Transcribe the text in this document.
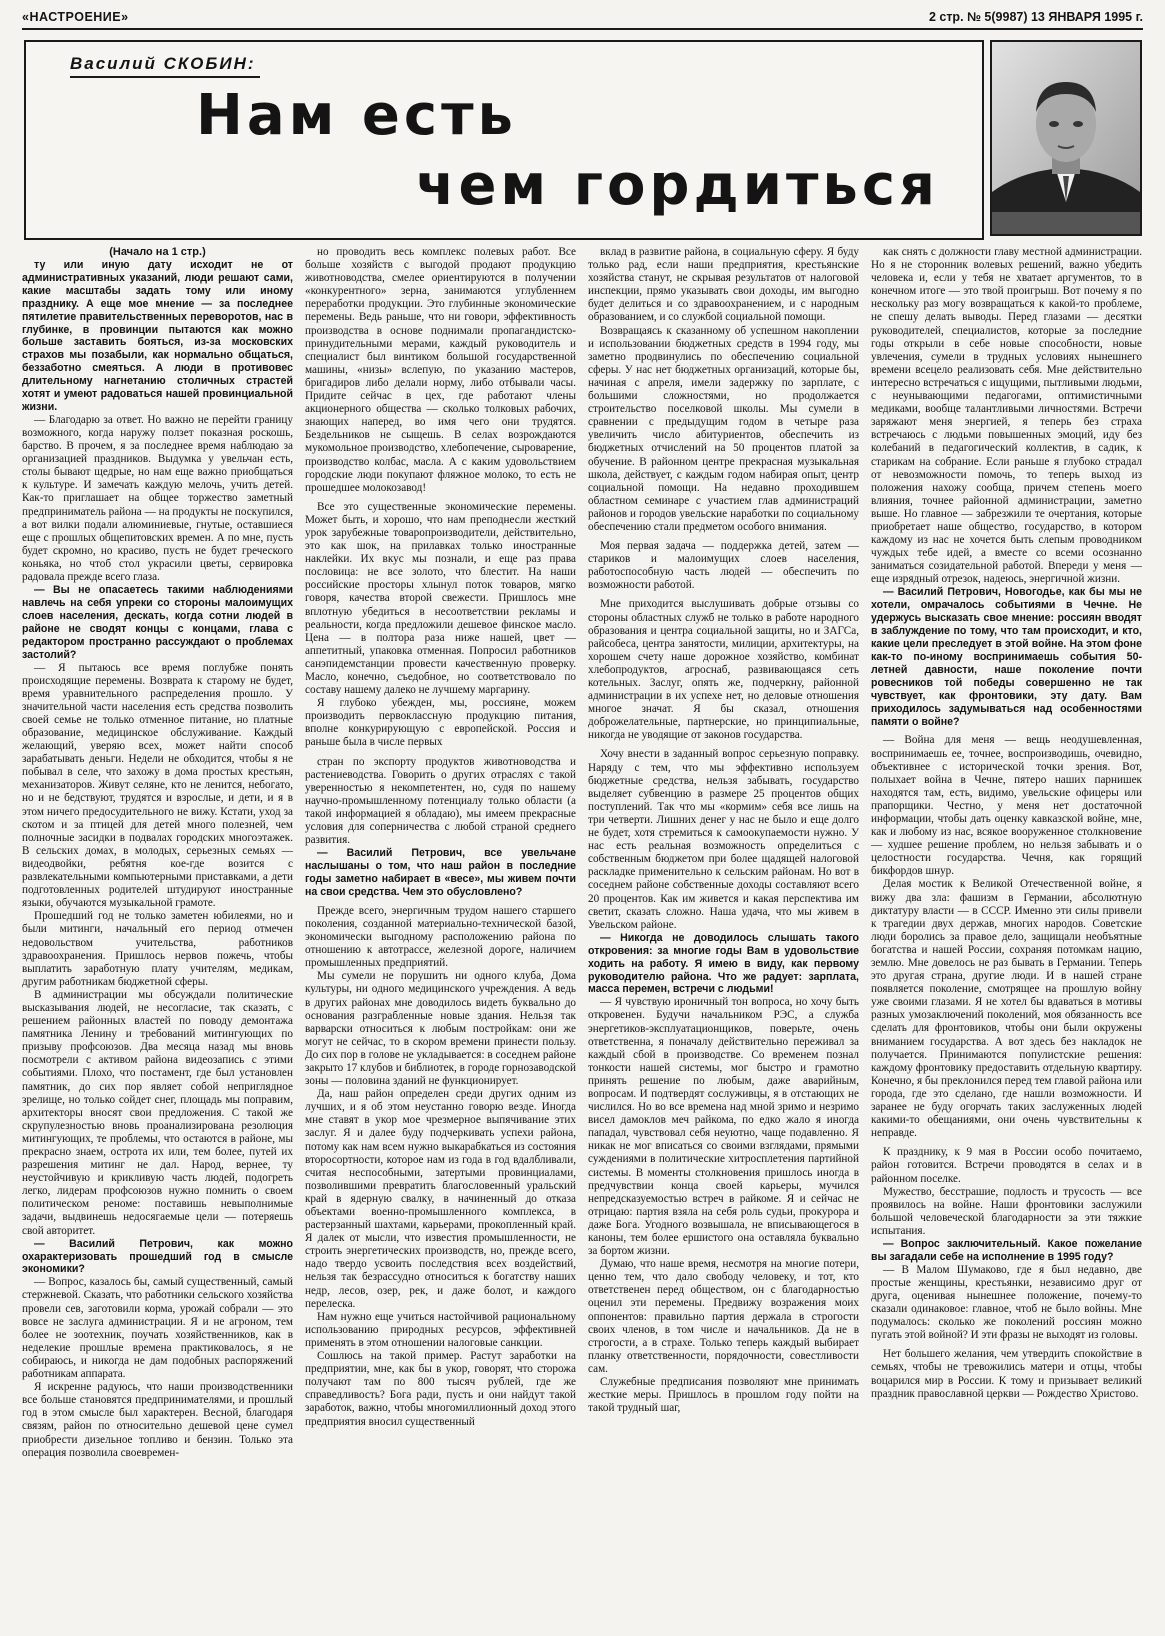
«НАСТРОЕНИЕ»	2 стр. № 5(9987) 13 ЯНВАРЯ 1995 г.
Василий СКОБИН:
Нам есть
чем гордиться
(Начало на 1 стр.)

ту или иную дату исходит не от административных указаний, люди решают сами, какие масштабы задать тому или иному празднику. А еще мое мнение — за последнее пятилетие правительственных переворотов, нас в глубинке, в провинции пытаются как можно больше заставить бояться, из-за московских страхов мы позабыли, как нормально общаться, беззаботно смеяться. А люди в противовес длительному нагнетанию столичных страстей хотят и умеют радоваться нашей провинциальной жизни.

— Благодарю за ответ. Но важно не перейти границу возможного, когда наружу ползет показная роскошь, барство. В прочем, я за последнее время наблюдаю за организацией праздников. Выдумка у увельчан есть, столы бывают щедрые, но нам еще важно приобщаться к культуре. И замечать каждую мелочь, учить детей. Как-то приглашает на общее торжество заметный предприниматель района — на продукты не поскупился, а вот вилки подали алюминиевые, гнутые, оставшиеся еще с прошлых общепитовских времен. А по мне, пусть будет скромно, но красиво, пусть не будет греческого коньяка, но чтоб стол украсили цветы, сервировка радовала прежде всего глаза.

— Вы не опасаетесь такими наблюдениями навлечь на себя упреки со стороны малоимущих слоев населения, дескать, когда сотни людей в районе не сводят концы с концами, глава с редактором пространно рассуждают о проблемах застолий?

— Я пытаюсь все время поглубже понять происходящие перемены. Возврата к старому не будет, время уравнительного распределения прошло. У значительной части населения есть средства позволить своей семье не только отменное питание, но платные образование, медицинское обслуживание. Каждый желающий, уверяю всех, может найти способ зарабатывать деньги. Недели не обходится, чтобы я не побывал в селе, что захожу в дома простых крестьян, механизаторов. Живут селяне, кто не ленится, небогато, но и не бедствуют, трудятся и взрослые, и дети, и я в этом ничего предосудительного не вижу. Кстати, уход за скотом и за птицей для детей много полезней, чем полночные засидки в подвалах городских многоэтажек. В сельских домах, в молодых, серьезных семьях — видеодвойки, ребятня кое-где возится с развлекательными компьютерными приставками, а дети подготовленных родителей штудируют иностранные языки, обучаются музыкальной грамоте.

Прошедший год не только заметен юбилеями, но и были митинги, начальный его период отмечен недовольством учительства, работников здравоохранения. Пришлось нервов пожечь, чтобы выплатить заработную плату учителям, медикам, другим работникам бюджетной сферы.

В администрации мы обсуждали политические высказывания людей, не несогласие, так сказать, с решением районных властей по поводу демонтажа памятника Ленину и требований митингующих по призыву профсоюзов. Два месяца назад мы вновь посмотрели с активом района видеозапись с этими событиями. Плохо, что постамент, где был установлен памятник, до сих пор являет собой неприглядное зрелище, но только сойдет снег, площадь мы поправим, архитекторы вносят свои предложения. С такой же скрупулезностью вновь проанализирована резолюция митингующих, те проблемы, что остаются в районе, мы прекрасно знаем, острота их или, тем более, путей их разрешения митинг не дал. Народ, вернее, ту неустойчивую и крикливую часть людей, подогреть легко, лидерам профсоюзов нужно помнить о своем политическом реноме: поставишь невыполнимые задачи, выдвинешь недосягаемые цели — потеряешь свой авторитет.

— Василий Петрович, как можно охарактеризовать прошедший год в смысле экономики?

— Вопрос, казалось бы, самый существенный, самый стержневой. Сказать, что работники сельского хозяйства провели сев, заготовили корма, урожай собрали — это вовсе не заслуга администрации. Я и не агроном, тем более не зоотехник, поучать хозяйственников, как в неделекие прошлые времена практиковалось, я не собираюсь, и никогда не дам подобных распоряжений работникам аппарата.

Я искренне радуюсь, что наши производственники все больше становятся предпринимателями, и прошлый год в этом смысле был характерен. Весной, благодаря связям, район по относительно дешевой цене сумел приобрести дизельное топливо и бензин. Только эта операция позволила своевремен-

но проводить весь комплекс полевых работ. Все больше хозяйств с выгодой продают продукцию животноводства, смелее ориентируются в получении «конкурентного» зерна, занимаются углубленнем переработки продукции. Это глубинные экономические перемены. Ведь раньше, что ни говори, эффективность производства в основе поднимали пропагандистско-принудительными мерами, каждый руководитель и специалист был винтиком большой государственной машины, «низы» вслепую, по указанию мастеров, бригадиров либо делали норму, либо отбывали часы. Придите сейчас в цех, где работают члены акционерного общества — сколько толковых рабочих, знающих наперед, во имя чего они трудятся. Бездельников не сыщешь. В селах возрождаются мукомольное производство, хлебопечение, сыроварение, производство колбас, масла. А с каким удовольствием городские люди покупают фляжное молоко, то есть не прошедшее молокозавод!

Все это существенные экономические перемены. Может быть, и хорошо, что нам преподнесли жесткий урок зарубежные товаропроизводители, действительно, это как шок, на прилавках только иностранные наклейки. Их вкус мы познали, и еще раз права пословица: не все золото, что блестит. На наши российские просторы хлынул поток товаров, мягко говоря, качества второй свежести. Пришлось мне вплотную убедиться в несоответствии рекламы и реальности, когда предложили дешевое финское масло. Цена — в полтора раза ниже нашей, цвет — аппетитный, упаковка отменная. Попросил работников санэпидемстанции провести качественную проверку. Масло, конечно, съедобное, но соответствовало по составу нашему далеко не лучшему маргарину.

Я глубоко убежден, мы, россияне, можем производить первоклассную продукцию питания, вполне конкурирующую с европейской. Россия и раньше была в числе первых

стран по экспорту продуктов животноводства и растениеводства. Говорить о других отраслях с такой уверенностью я некомпетентен, но, судя по нашему научно-промышленному потенциалу только области (а такой информацией я обладаю), мы имеем прекрасные условия для соперничества с любой страной среднего развития.

— Василий Петрович, все увельчане наслышаны о том, что наш район в последние годы заметно набирает в «весе», мы живем почти на свои средства. Чем это обусловлено?

Прежде всего, энергичным трудом нашего старшего поколения, созданной материально-технической базой, экономически выгодному расположению района по отношению к автотрассе, железной дороге, наличием промышленных предприятий.

Мы сумели не порушить ни одного клуба, Дома культуры, ни одного медицинского учреждения. А ведь в других районах мне доводилось видеть буквально до основания разграбленные новые здания. Нельзя так варварски относиться к любым постройкам: они же могут не сейчас, то в скором времени принести пользу. До сих пор в голове не укладывается: в соседнем районе закрыто 17 клубов и библиотек, в городе горнозаводской зоны — половина зданий не функционирует.

Да, наш район определен среди других одним из лучших, и я об этом неустанно говорю везде. Иногда мне ставят в укор мое чрезмерное выпячивание этих заслуг. Я и далее буду подчеркивать успехи района, потому как нам всем нужно выкарабкаться из состояния второсортности, которое нам из года в год вдалбливали, считая неспособными, затертыми провинциалами, позволившими превратить благословенный уральский край в ядерную свалку, в начиненный до отказа объектами военно-промышленного комплекса, в растерзанный шахтами, карьерами, прокопленный край. Я далек от мысли, что известия промышленности, не строить энергетических производств, но, прежде всего, надо твердо усвоить последствия всех воздействий, нельзя так безрассудно относиться к богатству наших недр, лесов, озер, рек, и даже болот, и каждого перелеска.

Нам нужно еще учиться настойчивой рациональному использованию природных ресурсов, эффективней применять в этом отношении налоговые санкции.

Сошлюсь на такой пример. Растут заработки на предприятии, мне, как бы в укор, говорят, что сторожа получают там по 800 тысяч рублей, где же справедливость? Бога ради, пусть и они найдут такой заработок, важно, чтобы многомиллионный доход этого предприятия вносил существенный

вклад в развитие района, в социальную сферу. Я буду только рад, если наши предприятия, крестьянские хозяйства станут, не скрывая результатов от налоговой инспекции, прямо указывать свои доходы, им выгодно будет делиться и со здравоохранением, и с народным образованием, и со службой социальной помощи.

Возвращаясь к сказанному об успешном накоплении и использовании бюджетных средств в 1994 году, мы заметно продвинулись по обеспечению социальной сферы. У нас нет бюджетных организаций, которые бы, начиная с апреля, имели задержку по зарплате, с большими сложностями, но продолжается строительство поселковой школы. Мы сумели в сравнении с предыдущим годом в четыре раза увеличить число абитуриентов, обеспечить из бюджетных отчислений на 50 процентов платой за обучение. В районном центре прекрасная музыкальная школа, действует, с каждым годом набирая опыт, центр социальной помощи. На недавно проходившем областном семинаре с участием глав администраций районов и городов увельские наработки по социальному обеспечению стали предметом особого внимания.

Моя первая задача — поддержка детей, затем — стариков и малоимущих слоев населения, работоспособную часть людей — обеспечить по возможности работой.

Мне приходится выслушивать добрые отзывы со стороны областных служб не только в работе народного образования и центра социальной защиты, но и ЗАГСа, райсобеса, центра занятости, милиции, архитектуры, на хорошем счету наше дорожное хозяйство, комбинат хлебопродуктов, агроснаб, развивающаяся сеть котельных. Заслуг, опять же, подчеркну, районной администрации в их успехе нет, но деловые отношения многое значат. Я бы сказал, отношения доброжелательные, партнерские, но принципиальные, никогда не уводящие от законов государства.

Хочу внести в заданный вопрос серьезную поправку. Наряду с тем, что мы эффективно используем бюджетные средства, нельзя забывать, государство выделяет субвенцию в размере 25 процентов общих поступлений. Так что мы «кормим» себя все лишь на три четверти. Лишних денег у нас не было и еще долго не будет, хотя стремиться к самоокупаемости нужно. У нас есть реальная возможность определиться с собственным бюджетом при более щадящей налоговой раскладке применительно к сельским районам. Но вот в соседнем районе собственные доходы составляют всего 20 процентов. Как им живется и какая перспектива им светит, сказать сложно. Наша удача, что мы живем в Увельском районе.

— Никогда не доводилось слышать такого откровения: за многие годы Вам в удовольствие ходить на работу. Я имею в виду, как первому руководителю района. Что же радует: зарплата, масса перемен, встречи с людьми!

— Я чувствую ироничный тон вопроса, но хочу быть откровенен. Будучи начальником РЭС, а служба энергетиков-эксплуатационщиков, поверьте, очень ответственна, я поначалу действительно переживал за каждый сбой в производстве. Со временем познал тонкости нашей системы, мог быстро и грамотно принять решение по любым, даже аварийным, вопросам. И подтвердят сослуживцы, я в отстающих не числился. Но во все времена над мной зримо и незримо висел дамоклов меч райкома, по едко жало я иногда пападал, чувствовал себя неуютно, чаще подавленно. Я никак не мог вписаться со своими взглядами, прямыми суждениями в политические хитросплетения партийной системы. В моменты столкновения пришлось иногда в предчувствии конца своей карьеры, мучился непредсказуемостью встреч в райкоме. Я и сейчас не отрицаю: партия взяла на себя роль судьи, прокурора и даже Бога. Угодного возвышала, не вписывающегося в каноны, тем более ершистого она оставляла буквально за бортом жизни.

Думаю, что наше время, несмотря на многие потери, ценно тем, что дало свободу человеку, и тот, кто ответственен перед обществом, он с благодарностью оценил эти перемены. Предвижу возражения моих оппонентов: правильно партия держала в строгости своих членов, в том числе и начальников. Да не в строгости, а в страхе. Только теперь каждый выбирает планку ответственности, порядочности, совестливости сам.

Служебные предписания позволяют мне принимать жесткие меры. Пришлось в прошлом году пойти на такой трудный шаг,

как снять с должности главу местной администрации. Но я не сторонник волевых решений, важно убедить человека и, если у тебя не хватает аргументов, то в конечном итоге — это твой проигрыш. Вот почему я по нескольку раз могу возвращаться к какой-то проблеме, не спешу делать выводы. Перед глазами — десятки руководителей, специалистов, которые за последние годы открыли в себе новые способности, новые увлечения, сумели в трудных условиях нынешнего времени всецело реализовать себя. Мне действительно интересно встречаться с ищущими, пытливыми людьми, с неунывающими педагогами, оптимистичными медиками, вообще талантливыми личностями. Встречи заряжают меня энергией, я теперь без страха встречаюсь с людьми повышенных эмоций, иду без колебаний в педагогический коллектив, в садик, к старикам на собрание. Если раньше я глубоко страдал от невозможности помочь, то теперь выход из положения нахожу сообща, причем степень моего влияния, точнее районной администрации, заметно выше. Но главное — забрезжили те очертания, которые приобретает наше общество, государство, в котором каждому из нас не хочется быть слепым проводником чуждых тебе идей, а вместе со всеми осознанно заниматься созидательной работой. Впереди у меня — еще изрядный отрезок, надеюсь, энергичной жизни.

— Василий Петрович, Новогодье, как бы мы не хотели, омрачалось событиями в Чечне. Не удержусь высказать свое мнение: россиян вводят в заблуждение по тому, что там происходит, и кто, какие цели преследует в этой войне. На этом фоне как-то по-иному воспринимаешь события 50-летней давности, наше поколение почти ровесников той победы совершенно не так чувствует, как фронтовики, эту дату. Вам приходилось задумываться над особенностями памяти о войне?

— Война для меня — вещь неодушевленная, воспринимаешь ее, точнее, воспроизводишь, очевидно, объективнее с исторической точки зрения. Вот, полыхает война в Чечне, пятеро наших парнишек находятся там, есть, видимо, увельские офицеры или прапорщики. Честно, у меня нет достаточной информации, чтобы дать оценку кавказской войне, мне, как и любому из нас, всякое вооруженное столкновение — худшее решение проблем, но нельзя забывать и о целостности государства. Чечня, как горящий бикфордов шнур.

Делая мостик к Великой Отечественной войне, я вижу два зла: фашизм в Германии, абсолютную диктатуру власти — в СССР. Именно эти силы привели к трагедии двух держав, многих народов. Советские люди боролись за правое дело, защищали необъятные богатства и нашей России, сохраняя потомкам нацию, землю. Мне довелось не раз бывать в Германии. Теперь это другая страна, другие люди. И в нашей стране появляется поколение, смотрящее на прошлую войну уже своими глазами. Я не хотел бы вдаваться в мотивы разных умозаключений поколений, моя обязанность все сделать для фронтовиков, чтобы они были окружены вниманием государства. А вот здесь без накладок не получается. Принимаются популистские решения: каждому фронтовику предоставить отдельную квартиру. Конечно, я бы преклонился перед тем главой района или города, где это сделано, где нашли возможности. И заранее не буду огорчать таких заслуженных людей какими-то обещаниями, они очень чувствительны к неправде.

К празднику, к 9 мая в России особо почитаемо, район готовится. Встречи проводятся в селах и в районном поселке.

Мужество, бесстрашие, подлость и трусость — все проявилось на войне. Наши фронтовики заслужили большой человеческой благодарности за эти тяжкие испытания.

— Вопрос заключительный. Какое пожелание вы загадали себе на исполнение в 1995 году?

— В Малом Шумаково, где я был недавно, две простые женщины, крестьянки, независимо друг от друга, оценивая нынешнее положение, почему-то сказали одинаковое: главное, чтоб не было войны. Мне подумалось: сколько же поколений россиян можно пугать этой войной? И эти фразы не выходят из головы.

Нет большего желания, чем утвердить спокойствие в семьях, чтобы не тревожились матери и отцы, чтобы воцарился мир в России. К тому и призывает великий праздник православной церкви — Рождество Христово.
